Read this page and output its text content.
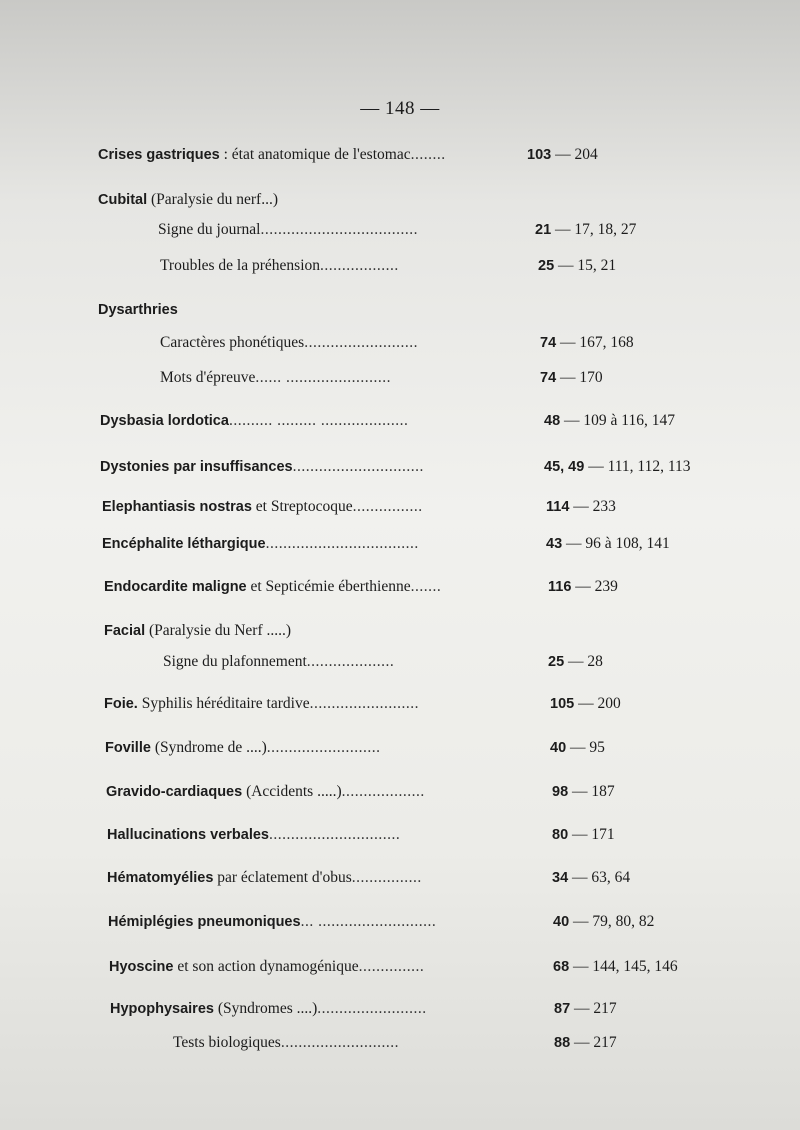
— 148 —
Crises gastriques : état anatomique de l'estomac........	103 — 204
Cubital (Paralysie du nerf...)
Signe du journal....................................	21 — 17, 18, 27
Troubles de la préhension..................	25 — 15, 21
Dysarthries
Caractères phonétiques..........................	74 — 167, 168
Mots d'épreuve...... ........................	74 — 170
Dysbasia lordotica.......... ......... ....................	48 — 109 à 116, 147
Dystonies par insuffisances..............................	45, 49 — 111, 112, 113
Elephantiasis nostras et Streptocoque................	114 — 233
Encéphalite léthargique...................................	43 — 96 à 108, 141
Endocardite maligne et Septicémie éberthienne.......	116 — 239
Facial (Paralysie du Nerf .....)
Signe du plafonnement....................	25 — 28
Foie. Syphilis héréditaire tardive.........................	105 — 200
Foville (Syndrome de ....)..........................	40 — 95
Gravido-cardiaques (Accidents .....)...................	98 — 187
Hallucinations verbales..............................	80 — 171
Hématomyélies par éclatement d'obus................	34 — 63, 64
Hémiplégies pneumoniques... ...........................	40 — 79, 80, 82
Hyoscine et son action dynamogénique...............	68 — 144, 145, 146
Hypophysaires (Syndromes ....).........................	87 — 217
Tests biologiques...........................	88 — 217
